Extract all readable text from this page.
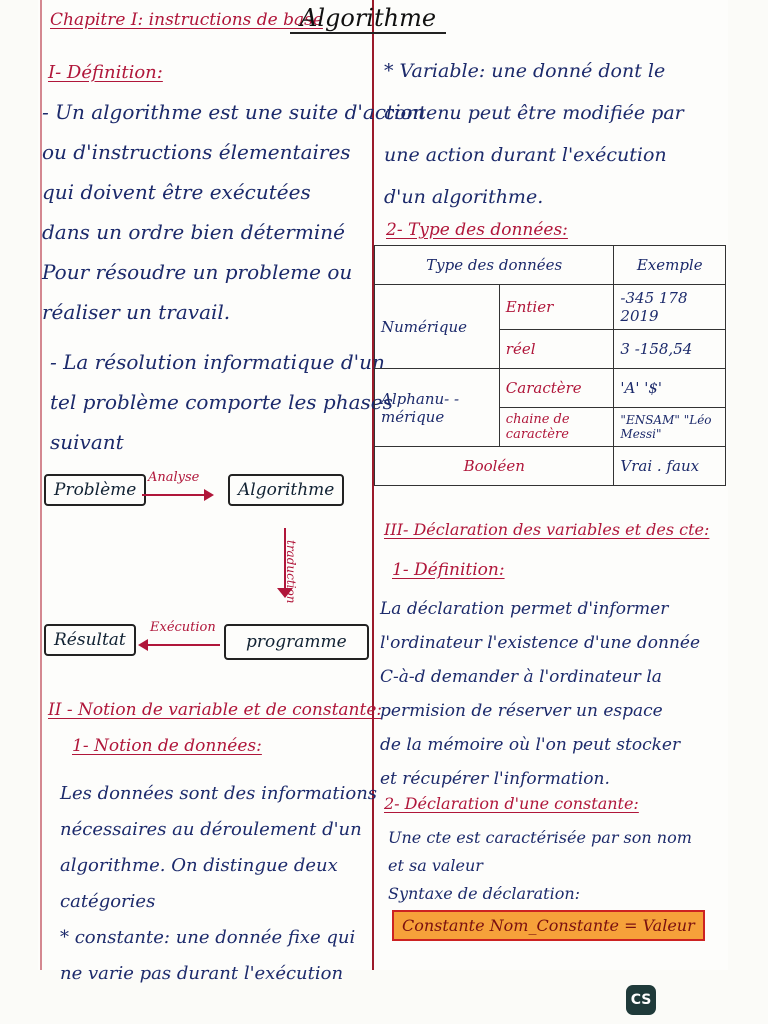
Chapitre I: instructions de base
Algorithme
I- Définition:
- Un algorithme est une suite d'action
ou d'instructions élementaires
qui doivent être exécutées
dans un ordre bien déterminé
Pour résoudre un probleme ou
réaliser un travail.
- La résolution informatique d'un
tel problème comporte les phases
suivant
Problème
Analyse
Algorithme
traduction
Résultat
Exécution
programme
II - Notion de variable et de constante:
1- Notion de données:
Les données sont des informations
nécessaires au déroulement d'un
algorithme. On distingue deux
catégories
* constante: une donnée fixe qui
ne varie pas durant l'exécution
* Variable: une donné dont le
contenu peut être modifiée par
une action durant l'exécution
d'un algorithme.
2- Type des données:
Type des données		Exemple
Numérique	Entier	-345 178 2019
	réel	3 -158,54
Alphanu- -mérique	Caractère	'A' '$'
	chaine de caractère	"ENSAM" "Léo Messi"
Booléen		Vrai . faux
III- Déclaration des variables et des cte:
1- Définition:
La déclaration permet d'informer
l'ordinateur l'existence d'une donnée
C-à-d demander à l'ordinateur la
permision de réserver un espace
de la mémoire où l'on peut stocker
et récupérer l'information.
2- Déclaration d'une constante:
Une cte est caractérisée par son nom
et sa valeur
Syntaxe de déclaration:
Constante Nom_Constante = Valeur
CS
